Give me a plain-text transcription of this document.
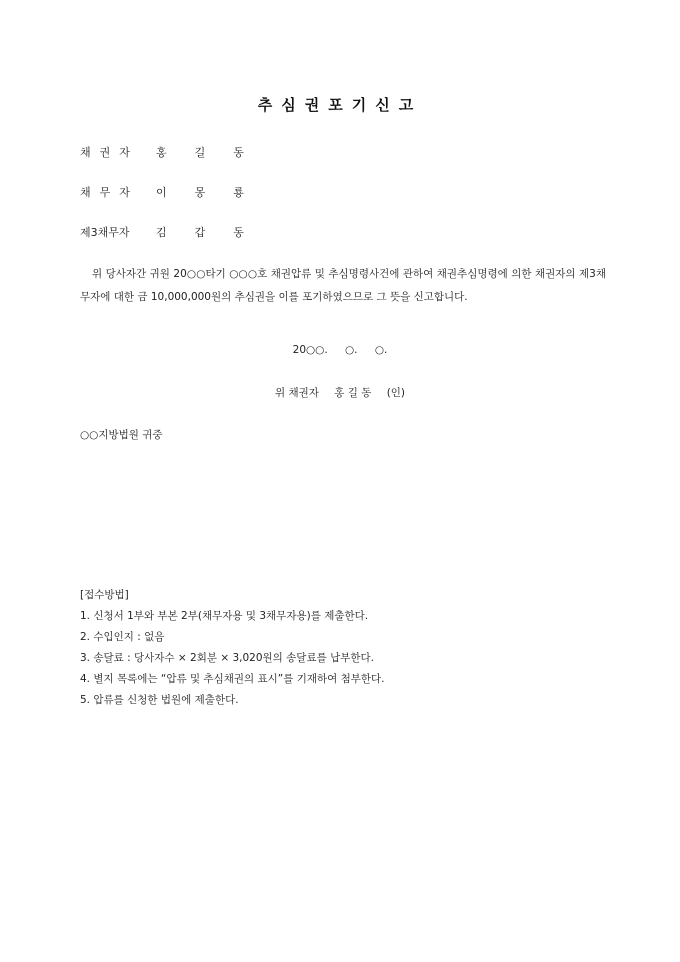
추심권포기신고
채권자 홍길동
채무자 이몽룡
제3채무자 김갑동
위 당사자간 귀원 20○○타기 ○○○호 채권압류 및 추심명령사건에 관하여 채권추심명령에 의한 채권자의 제3채무자에 대한 금 10,000,000원의 추심권을 이를 포기하였으므로 그 뜻을 신고합니다.
20○○. ○. ○.
위 채권자 홍 길 동 (인)
○○지방법원 귀중
[접수방법]
1. 신청서 1부와 부본 2부(채무자용 및 3채무자용)를 제출한다.
2. 수입인지 : 없음
3. 송달료 : 당사자수 × 2회분 × 3,020원의 송달료를 납부한다.
4. 별지 목록에는 “압류 및 추심채권의 표시”를 기재하여 첨부한다.
5. 압류를 신청한 법원에 제출한다.
